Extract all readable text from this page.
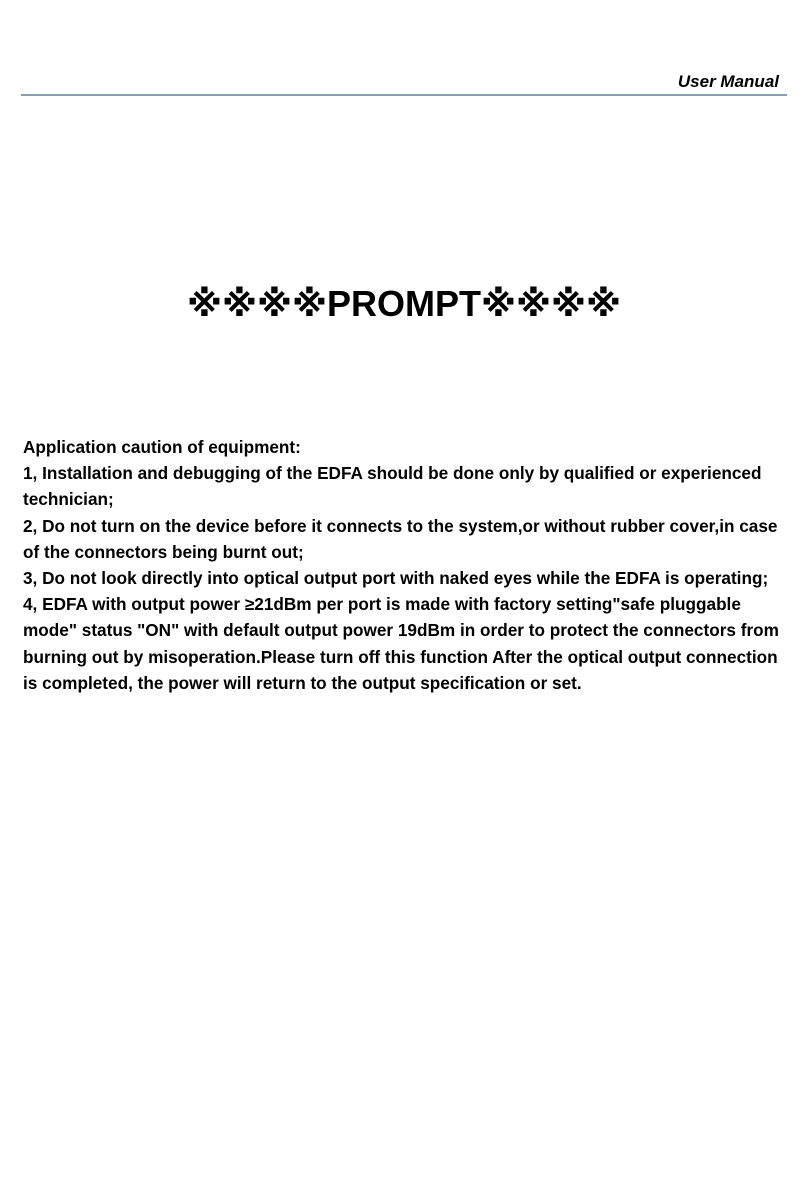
User Manual
※※※※PROMPT※※※※

Application caution of equipment:

1, Installation and debugging of the EDFA should be done only by qualified or experienced technician;

2, Do not turn on the device before it connects to the system,or without rubber cover,in case of the connectors being burnt out;

3, Do not look directly into optical output port with naked eyes while the EDFA is operating;

4, EDFA with output power ≥21dBm per port is made with factory setting"safe pluggable mode" status "ON" with default output power 19dBm in order to protect the connectors from burning out by misoperation.Please turn off this function After the optical output connection is completed, the power will return to the output specification or set.
